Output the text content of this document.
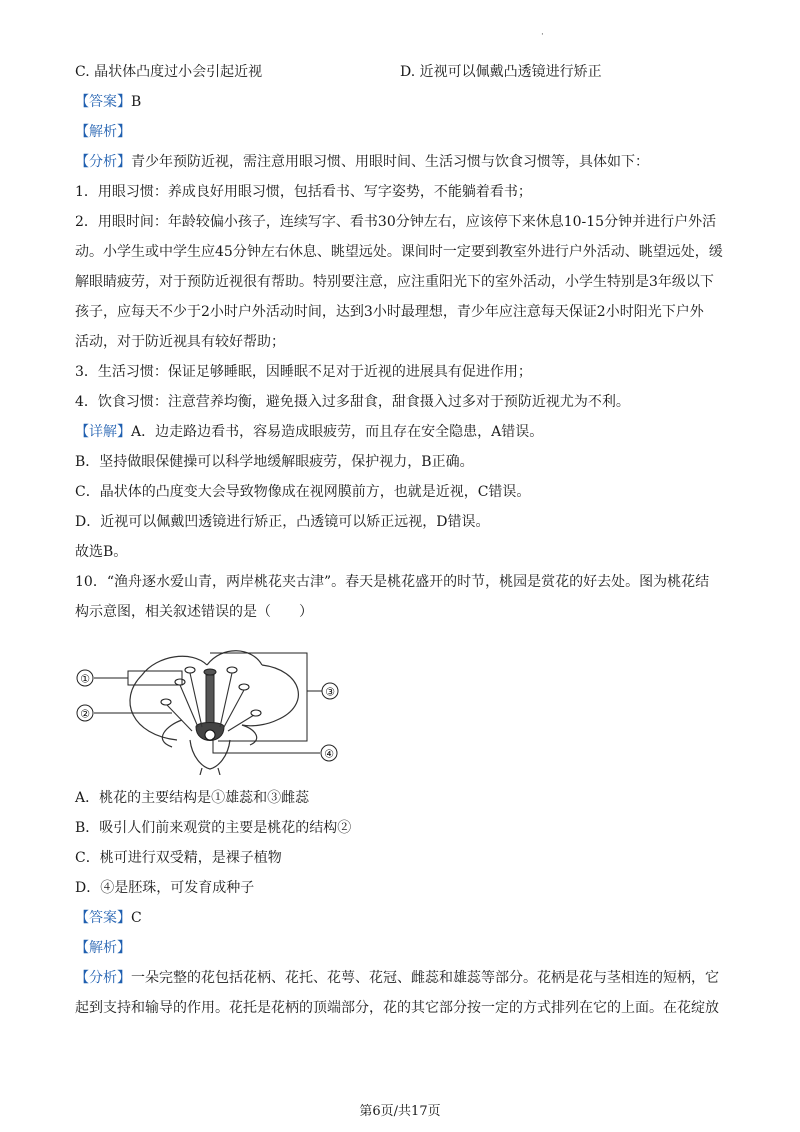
·
C. 晶状体凸度过小会引起近视	D. 近视可以佩戴凸透镜进行矫正
【答案】B
【解析】
【分析】青少年预防近视，需注意用眼习惯、用眼时间、生活习惯与饮食习惯等，具体如下：
1．用眼习惯：养成良好用眼习惯，包括看书、写字姿势，不能躺着看书；
2．用眼时间：年龄较偏小孩子，连续写字、看书30分钟左右，应该停下来休息10-15分钟并进行户外活
动。小学生或中学生应45分钟左右休息、眺望远处。课间时一定要到教室外进行户外活动、眺望远处，缓
解眼睛疲劳，对于预防近视很有帮助。特别要注意，应注重阳光下的室外活动，小学生特别是3年级以下
孩子，应每天不少于2小时户外活动时间，达到3小时最理想，青少年应注意每天保证2小时阳光下户外
活动，对于防近视具有较好帮助；
3．生活习惯：保证足够睡眠，因睡眠不足对于近视的进展具有促进作用；
4．饮食习惯：注意营养均衡，避免摄入过多甜食，甜食摄入过多对于预防近视尤为不利。
【详解】A．边走路边看书，容易造成眼疲劳，而且存在安全隐患，A错误。
B．坚持做眼保健操可以科学地缓解眼疲劳，保护视力，B正确。
C．晶状体的凸度变大会导致物像成在视网膜前方，也就是近视，C错误。
D．近视可以佩戴凹透镜进行矫正，凸透镜可以矫正远视，D错误。
故选B。
10．“渔舟逐水爱山青，两岸桃花夹古津”。春天是桃花盛开的时节，桃园是赏花的好去处。图为桃花结
构示意图，相关叙述错误的是（　　）
①
②
③
④
A．桃花的主要结构是①雄蕊和③雌蕊
B．吸引人们前来观赏的主要是桃花的结构②
C．桃可进行双受精，是裸子植物
D．④是胚珠，可发育成种子
【答案】C
【解析】
【分析】一朵完整的花包括花柄、花托、花萼、花冠、雌蕊和雄蕊等部分。花柄是花与茎相连的短柄，它
起到支持和输导的作用。花托是花柄的顶端部分，花的其它部分按一定的方式排列在它的上面。在花绽放
第6页/共17页
